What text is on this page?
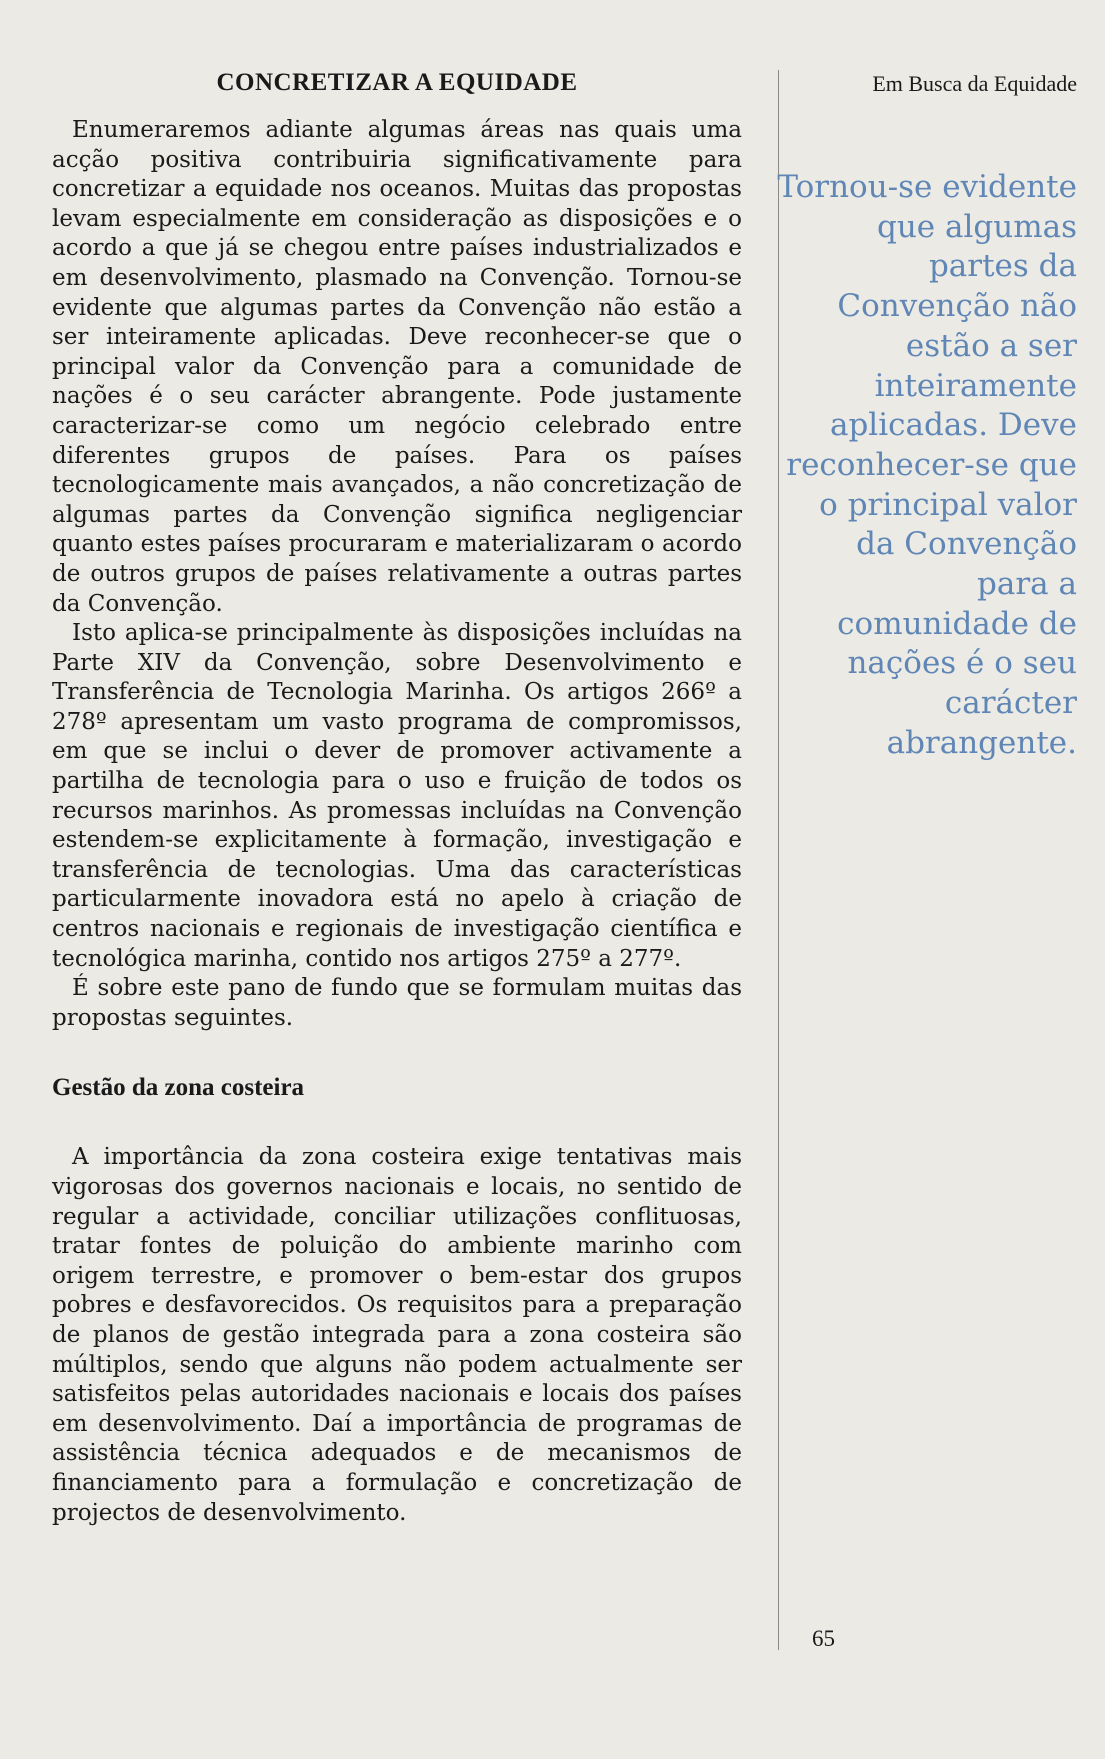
CONCRETIZAR A EQUIDADE

Enumeraremos adiante algumas áreas nas quais uma acção positiva contribuiria significativamente para concretizar a equidade nos oceanos. Muitas das propostas levam especialmente em consideração as disposições e o acordo a que já se chegou entre países industrializados e em desenvolvimento, plasmado na Convenção. Tornou-se evidente que algumas partes da Convenção não estão a ser inteiramente aplicadas. Deve reconhecer-se que o principal valor da Convenção para a comunidade de nações é o seu carácter abrangente. Pode justamente caracterizar-se como um negócio celebrado entre diferentes grupos de países. Para os países tecnologicamente mais avançados, a não concretização de algumas partes da Convenção significa negligenciar quanto estes países procuraram e materializaram o acordo de outros grupos de países relativamente a outras partes da Convenção.

Isto aplica-se principalmente às disposições incluídas na Parte XIV da Convenção, sobre Desenvolvimento e Transferência de Tecnologia Marinha. Os artigos 266º a 278º apresentam um vasto programa de compromissos, em que se inclui o dever de promover activamente a partilha de tecnologia para o uso e fruição de todos os recursos marinhos. As promessas incluídas na Convenção estendem-se explicitamente à formação, investigação e transferência de tecnologias. Uma das características particularmente inovadora está no apelo à criação de centros nacionais e regionais de investigação científica e tecnológica marinha, contido nos artigos 275º a 277º.

É sobre este pano de fundo que se formulam muitas das propostas seguintes.

Gestão da zona costeira

A importância da zona costeira exige tentativas mais vigorosas dos governos nacionais e locais, no sentido de regular a actividade, conciliar utilizações conflituosas, tratar fontes de poluição do ambiente marinho com origem terrestre, e promover o bem-estar dos grupos pobres e desfavorecidos. Os requisitos para a preparação de planos de gestão integrada para a zona costeira são múltiplos, sendo que alguns não podem actualmente ser satisfeitos pelas autoridades nacionais e locais dos países em desenvolvimento. Daí a importância de programas de assistência técnica adequados e de mecanismos de financiamento para a formulação e concretização de projectos de desenvolvimento.

Em Busca da Equidade
Tornou-se evidente que algumas partes da Convenção não estão a ser inteiramente aplicadas. Deve reconhecer-se que o principal valor da Convenção para a comunidade de nações é o seu carácter abrangente.
65
